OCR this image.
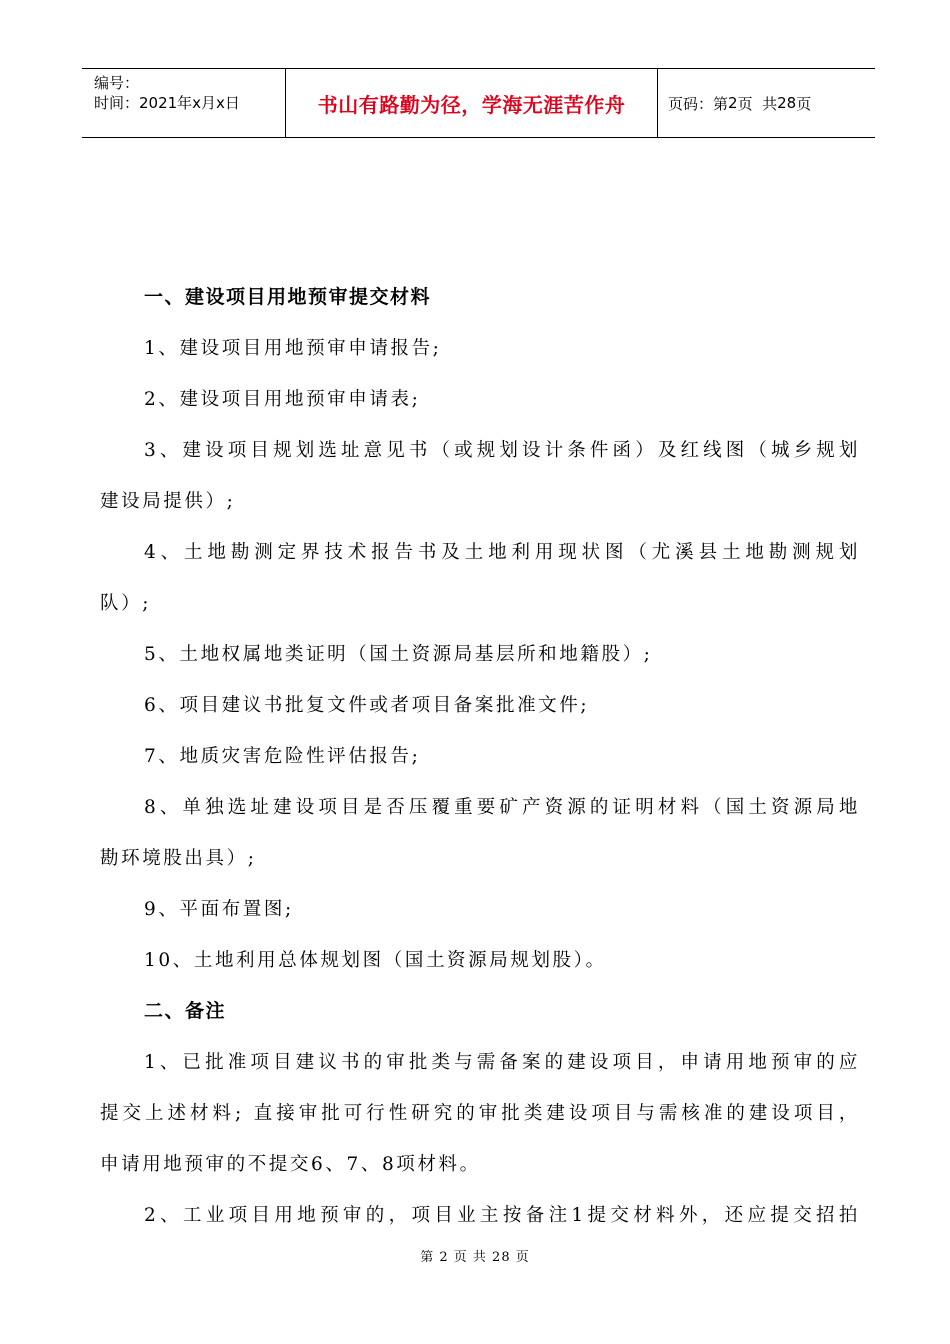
编号：
时间：2021年x月x日	书山有路勤为径，学海无涯苦作舟	页码：第 2 页  共 28 页
一、建设项目用地预审提交材料
1、建设项目用地预审申请报告;
2、建设项目用地预审申请表;
3、建设项目规划选址意见书（或规划设计条件函）及红线图（城乡规划
建设局提供）;
4、土地勘测定界技术报告书及土地利用现状图（尤溪县土地勘测规划
队）;
5、土地权属地类证明（国土资源局基层所和地籍股）;
6、项目建议书批复文件或者项目备案批准文件;
7、地质灾害危险性评估报告;
8、单独选址建设项目是否压覆重要矿产资源的证明材料（国土资源局地
勘环境股出具）;
9、平面布置图;
10、土地利用总体规划图（国土资源局规划股）。
二、备注
1、已批准项目建议书的审批类与需备案的建设项目，申请用地预审的应
提交上述材料; 直接审批可行性研究的审批类建设项目与需核准的建设项目，
申请用地预审的不提交6、7、8项材料。
2、工业项目用地预审的，项目业主按备注1提交材料外，还应提交招拍
第 2 页 共 28 页
